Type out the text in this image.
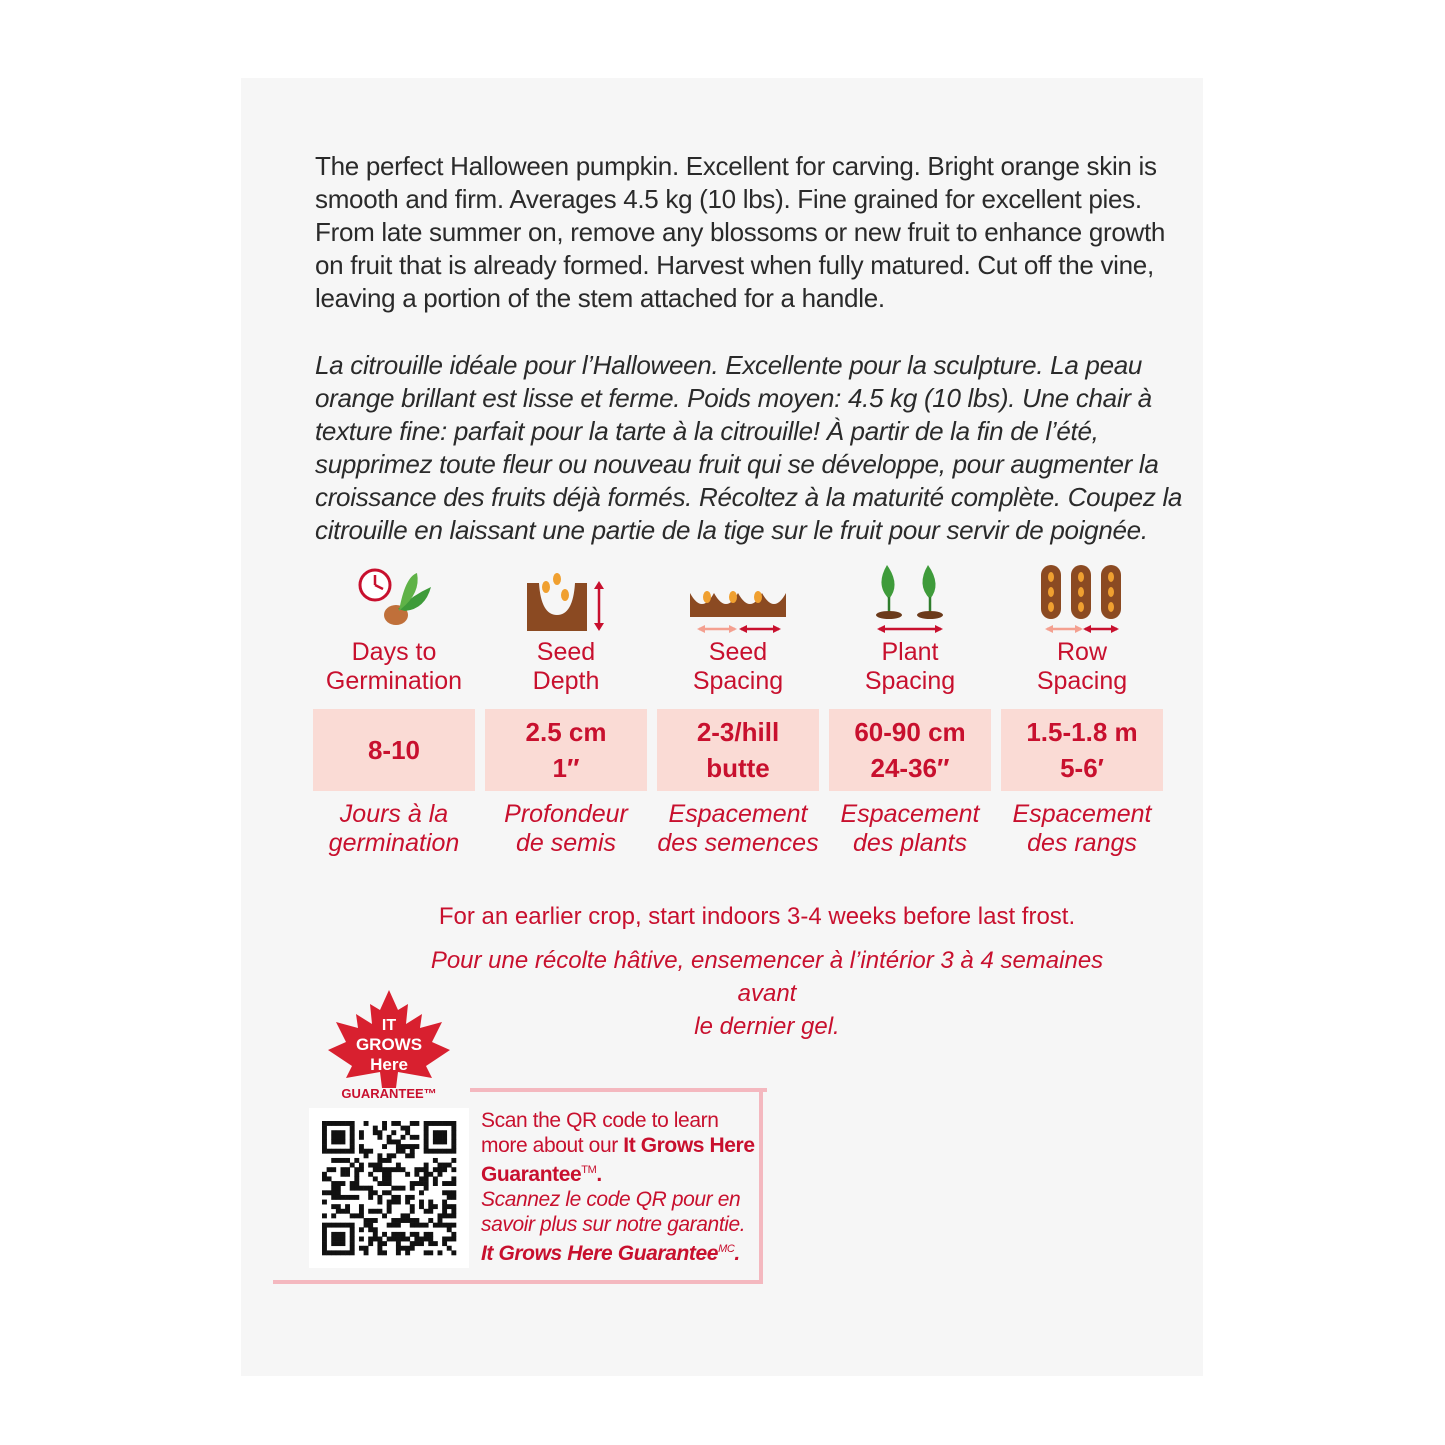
The perfect Halloween pumpkin. Excellent for carving. Bright orange skin is smooth and firm. Averages 4.5 kg (10 lbs). Fine grained for excellent pies. From late summer on, remove any blossoms or new fruit to enhance growth on fruit that is already formed. Harvest when fully matured. Cut off the vine, leaving a portion of the stem attached for a handle.

La citrouille idéale pour l’Halloween. Excellente pour la sculpture. La peau orange brillant est lisse et ferme. Poids moyen: 4.5 kg (10 lbs). Une chair à texture fine: parfait pour la tarte à la citrouille! À partir de la fin de l’été, supprimez toute fleur ou nouveau fruit qui se développe, pour augmenter la croissance des fruits déjà formés. Récoltez à la maturité complète. Coupez la citrouille en laissant une partie de la tige sur le fruit pour servir de poignée.

Days to
Germination
8-10
Jours à la
germination
Seed
Depth
2.5 cm
1″
Profondeur
de semis
Seed
Spacing
2-3/hill
butte
Espacement
des semences
Plant
Spacing
60-90 cm
24-36″
Espacement
des plants
Row
Spacing
1.5-1.8 m
5-6′
Espacement
des rangs
For an earlier crop, start indoors 3-4 weeks before last frost.
Pour une récolte hâtive, ensemencer à l’intérior 3 à 4 semaines avant
le dernier gel.
IT
GROWS
Here
GUARANTEE™

Scan the QR code to learn more about our It Grows Here Guarantee™.

Scannez le code QR pour en savoir plus sur notre garantie. It Grows Here Guarantee$^{MC}$.
